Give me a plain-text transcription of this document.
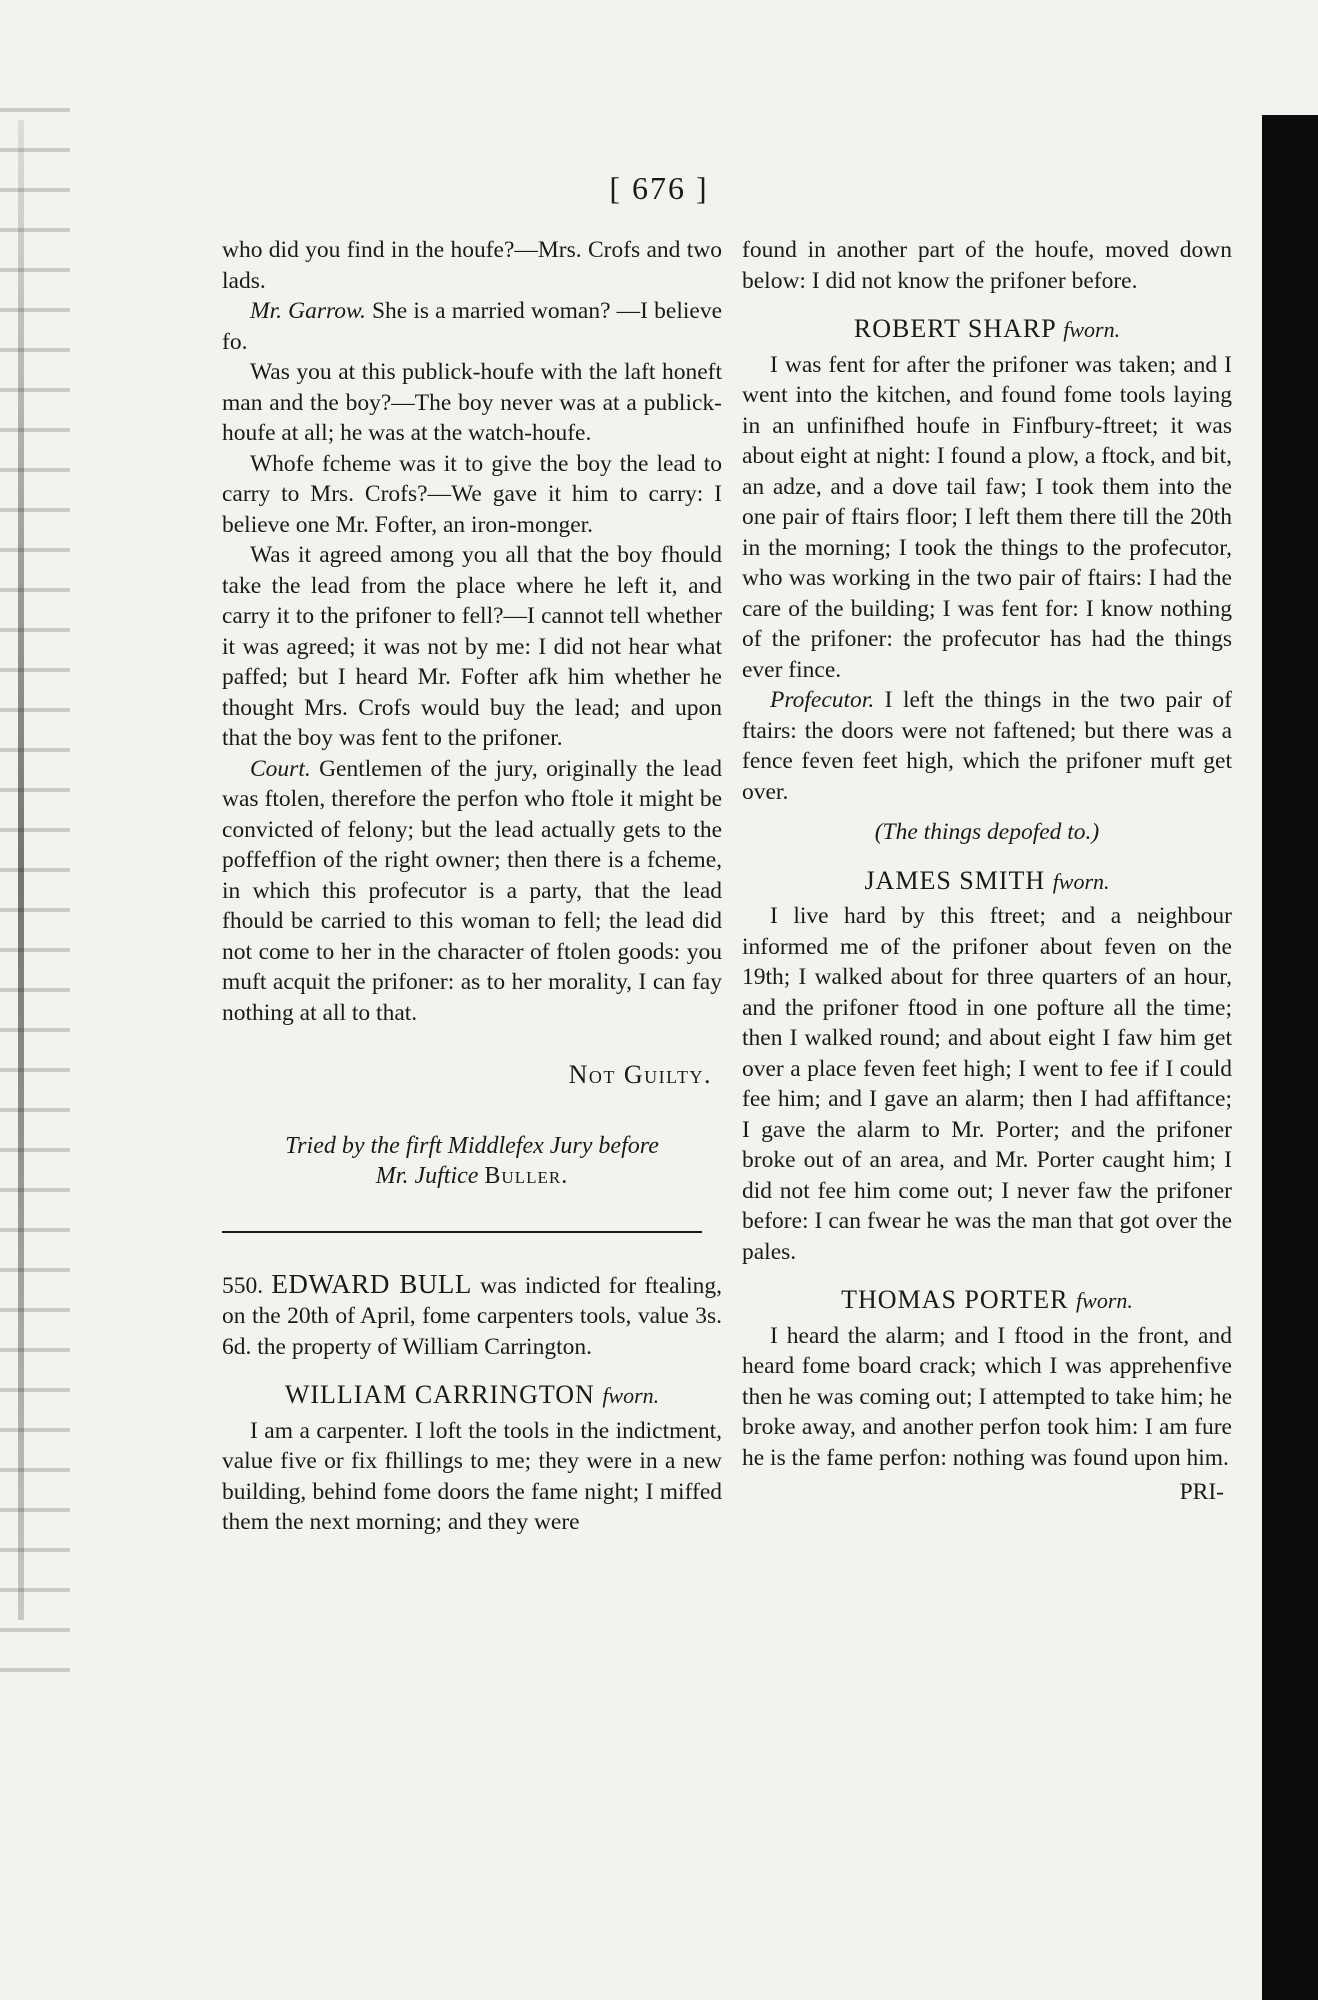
[ 676 ]

who did you find in the houfe?—Mrs. Crofs and two lads.

Mr. Garrow. She is a married woman? —I believe fo.

Was you at this publick-houfe with the laft honeft man and the boy?—The boy never was at a publick-houfe at all; he was at the watch-houfe.

Whofe fcheme was it to give the boy the lead to carry to Mrs. Crofs?—We gave it him to carry: I believe one Mr. Fofter, an iron-monger.

Was it agreed among you all that the boy fhould take the lead from the place where he left it, and carry it to the prifoner to fell?—I cannot tell whether it was agreed; it was not by me: I did not hear what paffed; but I heard Mr. Fofter afk him whether he thought Mrs. Crofs would buy the lead; and upon that the boy was fent to the prifoner.

Court. Gentlemen of the jury, originally the lead was ftolen, therefore the perfon who ftole it might be convicted of felony; but the lead actually gets to the poffeffion of the right owner; then there is a fcheme, in which this profecutor is a party, that the lead fhould be carried to this woman to fell; the lead did not come to her in the character of ftolen goods: you muft acquit the prifoner: as to her morality, I can fay nothing at all to that.

Not Guilty.
Tried by the firft Middlefex Jury before
Mr. Juftice Buller.

550. EDWARD BULL was indicted for ftealing, on the 20th of April, fome carpenters tools, value 3s. 6d. the property of William Carrington.

WILLIAM CARRINGTON fworn.

I am a carpenter. I loft the tools in the indictment, value five or fix fhillings to me; they were in a new building, behind fome doors the fame night; I miffed them the next morning; and they were

found in another part of the houfe, moved down below: I did not know the prifoner before.

ROBERT SHARP fworn.

I was fent for after the prifoner was taken; and I went into the kitchen, and found fome tools laying in an unfinifhed houfe in Finfbury-ftreet; it was about eight at night: I found a plow, a ftock, and bit, an adze, and a dove tail faw; I took them into the one pair of ftairs floor; I left them there till the 20th in the morning; I took the things to the profecutor, who was working in the two pair of ftairs: I had the care of the building; I was fent for: I know nothing of the prifoner: the profecutor has had the things ever fince.

Profecutor. I left the things in the two pair of ftairs: the doors were not faftened; but there was a fence feven feet high, which the prifoner muft get over.

(The things depofed to.)
JAMES SMITH fworn.

I live hard by this ftreet; and a neighbour informed me of the prifoner about feven on the 19th; I walked about for three quarters of an hour, and the prifoner ftood in one pofture all the time; then I walked round; and about eight I faw him get over a place feven feet high; I went to fee if I could fee him; and I gave an alarm; then I had affiftance; I gave the alarm to Mr. Porter; and the prifoner broke out of an area, and Mr. Porter caught him; I did not fee him come out; I never faw the prifoner before: I can fwear he was the man that got over the pales.

THOMAS PORTER fworn.

I heard the alarm; and I ftood in the front, and heard fome board crack; which I was apprehenfive then he was coming out; I attempted to take him; he broke away, and another perfon took him: I am fure he is the fame perfon: nothing was found upon him.

PRI-
